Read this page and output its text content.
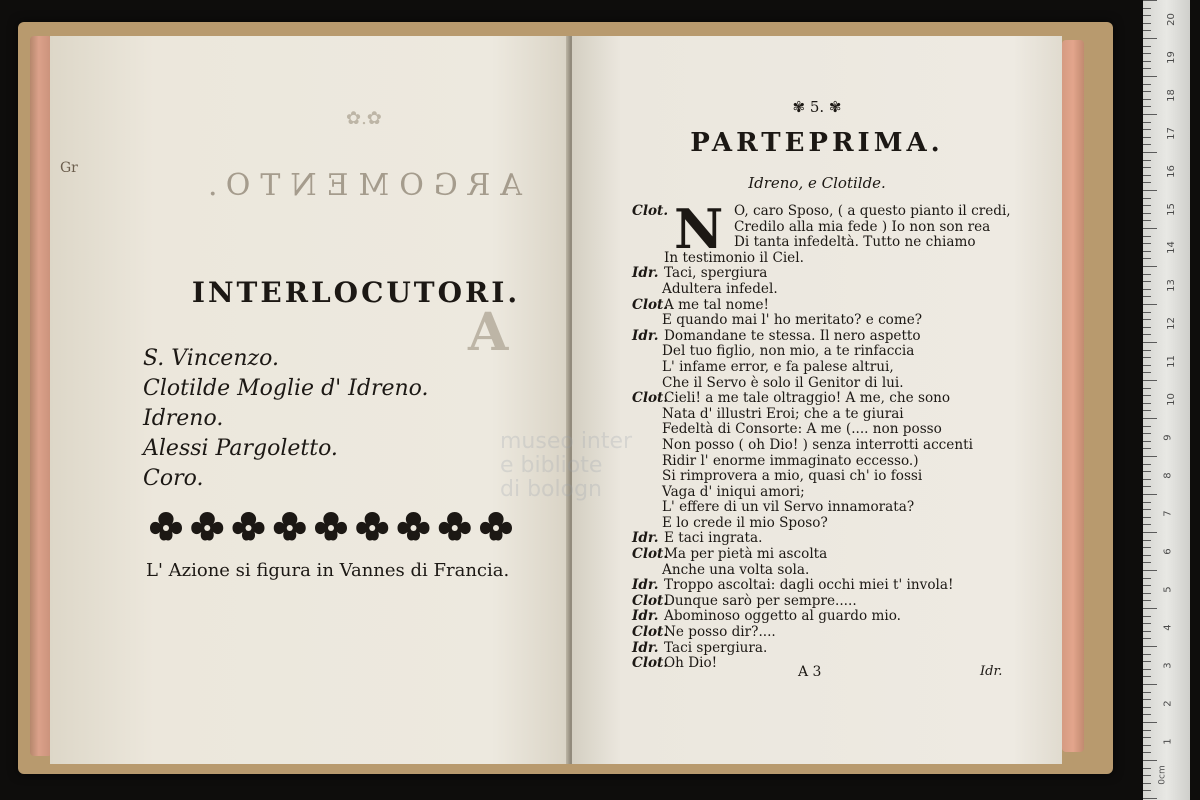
Gr
✿.✿
ARGOMENTO.
A
INTERLOCUTORI.
S. Vincenzo.
Clotilde Moglie d' Idreno.
Idreno.
Alessi Pargoletto.
Coro.
L' Azione si figura in Vannes di Francia.
✾ 5. ✾
PARTEPRIMA.
Idreno, e Clotilde.
N
Clot.	O, caro Sposo, ( a questo pianto il credi,
Credilo alla mia fede ) Io non son rea
Di tanta infedeltà. Tutto ne chiamo
In testimonio il Ciel.
Idr. Taci, spergiura
Adultera infedel.
Clot.
A me tal nome!
E quando mai l' ho meritato? e come?
Idr. Domandane te stessa. Il nero aspetto
Del tuo figlio, non mio, a te rinfaccia
L' infame error, e fa palese altrui,
Che il Servo è solo il Genitor di lui.
Clot.
Cieli! a me tale oltraggio! A me, che sono
Nata d' illustri Eroi; che a te giurai
Fedeltà di Consorte: A me (.... non posso
Non posso ( oh Dio! ) senza interrotti accenti
Ridir l' enorme immaginato eccesso.)
Si rimprovera a mio, quasi ch' io fossi
Vaga d' iniqui amori;
L' effere di un vil Servo innamorata?
E lo crede il mio Sposo?
Idr. E taci ingrata.
Clot.
Ma per pietà mi ascolta
Anche una volta sola.
Idr. Troppo ascoltai: dagli occhi miei t' invola!
Clot.
Dunque sarò per sempre.....
Idr. Abominoso oggetto al guardo mio.
Clot.
Ne posso dir?....
Idr. Taci spergiura.
Clot.
Oh Dio!
A 3	Idr.
museo inter
e bibliote
di bologn
0cm
20
19
18
17
16
15
14
13
12
11
10
9
8
7
6
5
4
3
2
1
